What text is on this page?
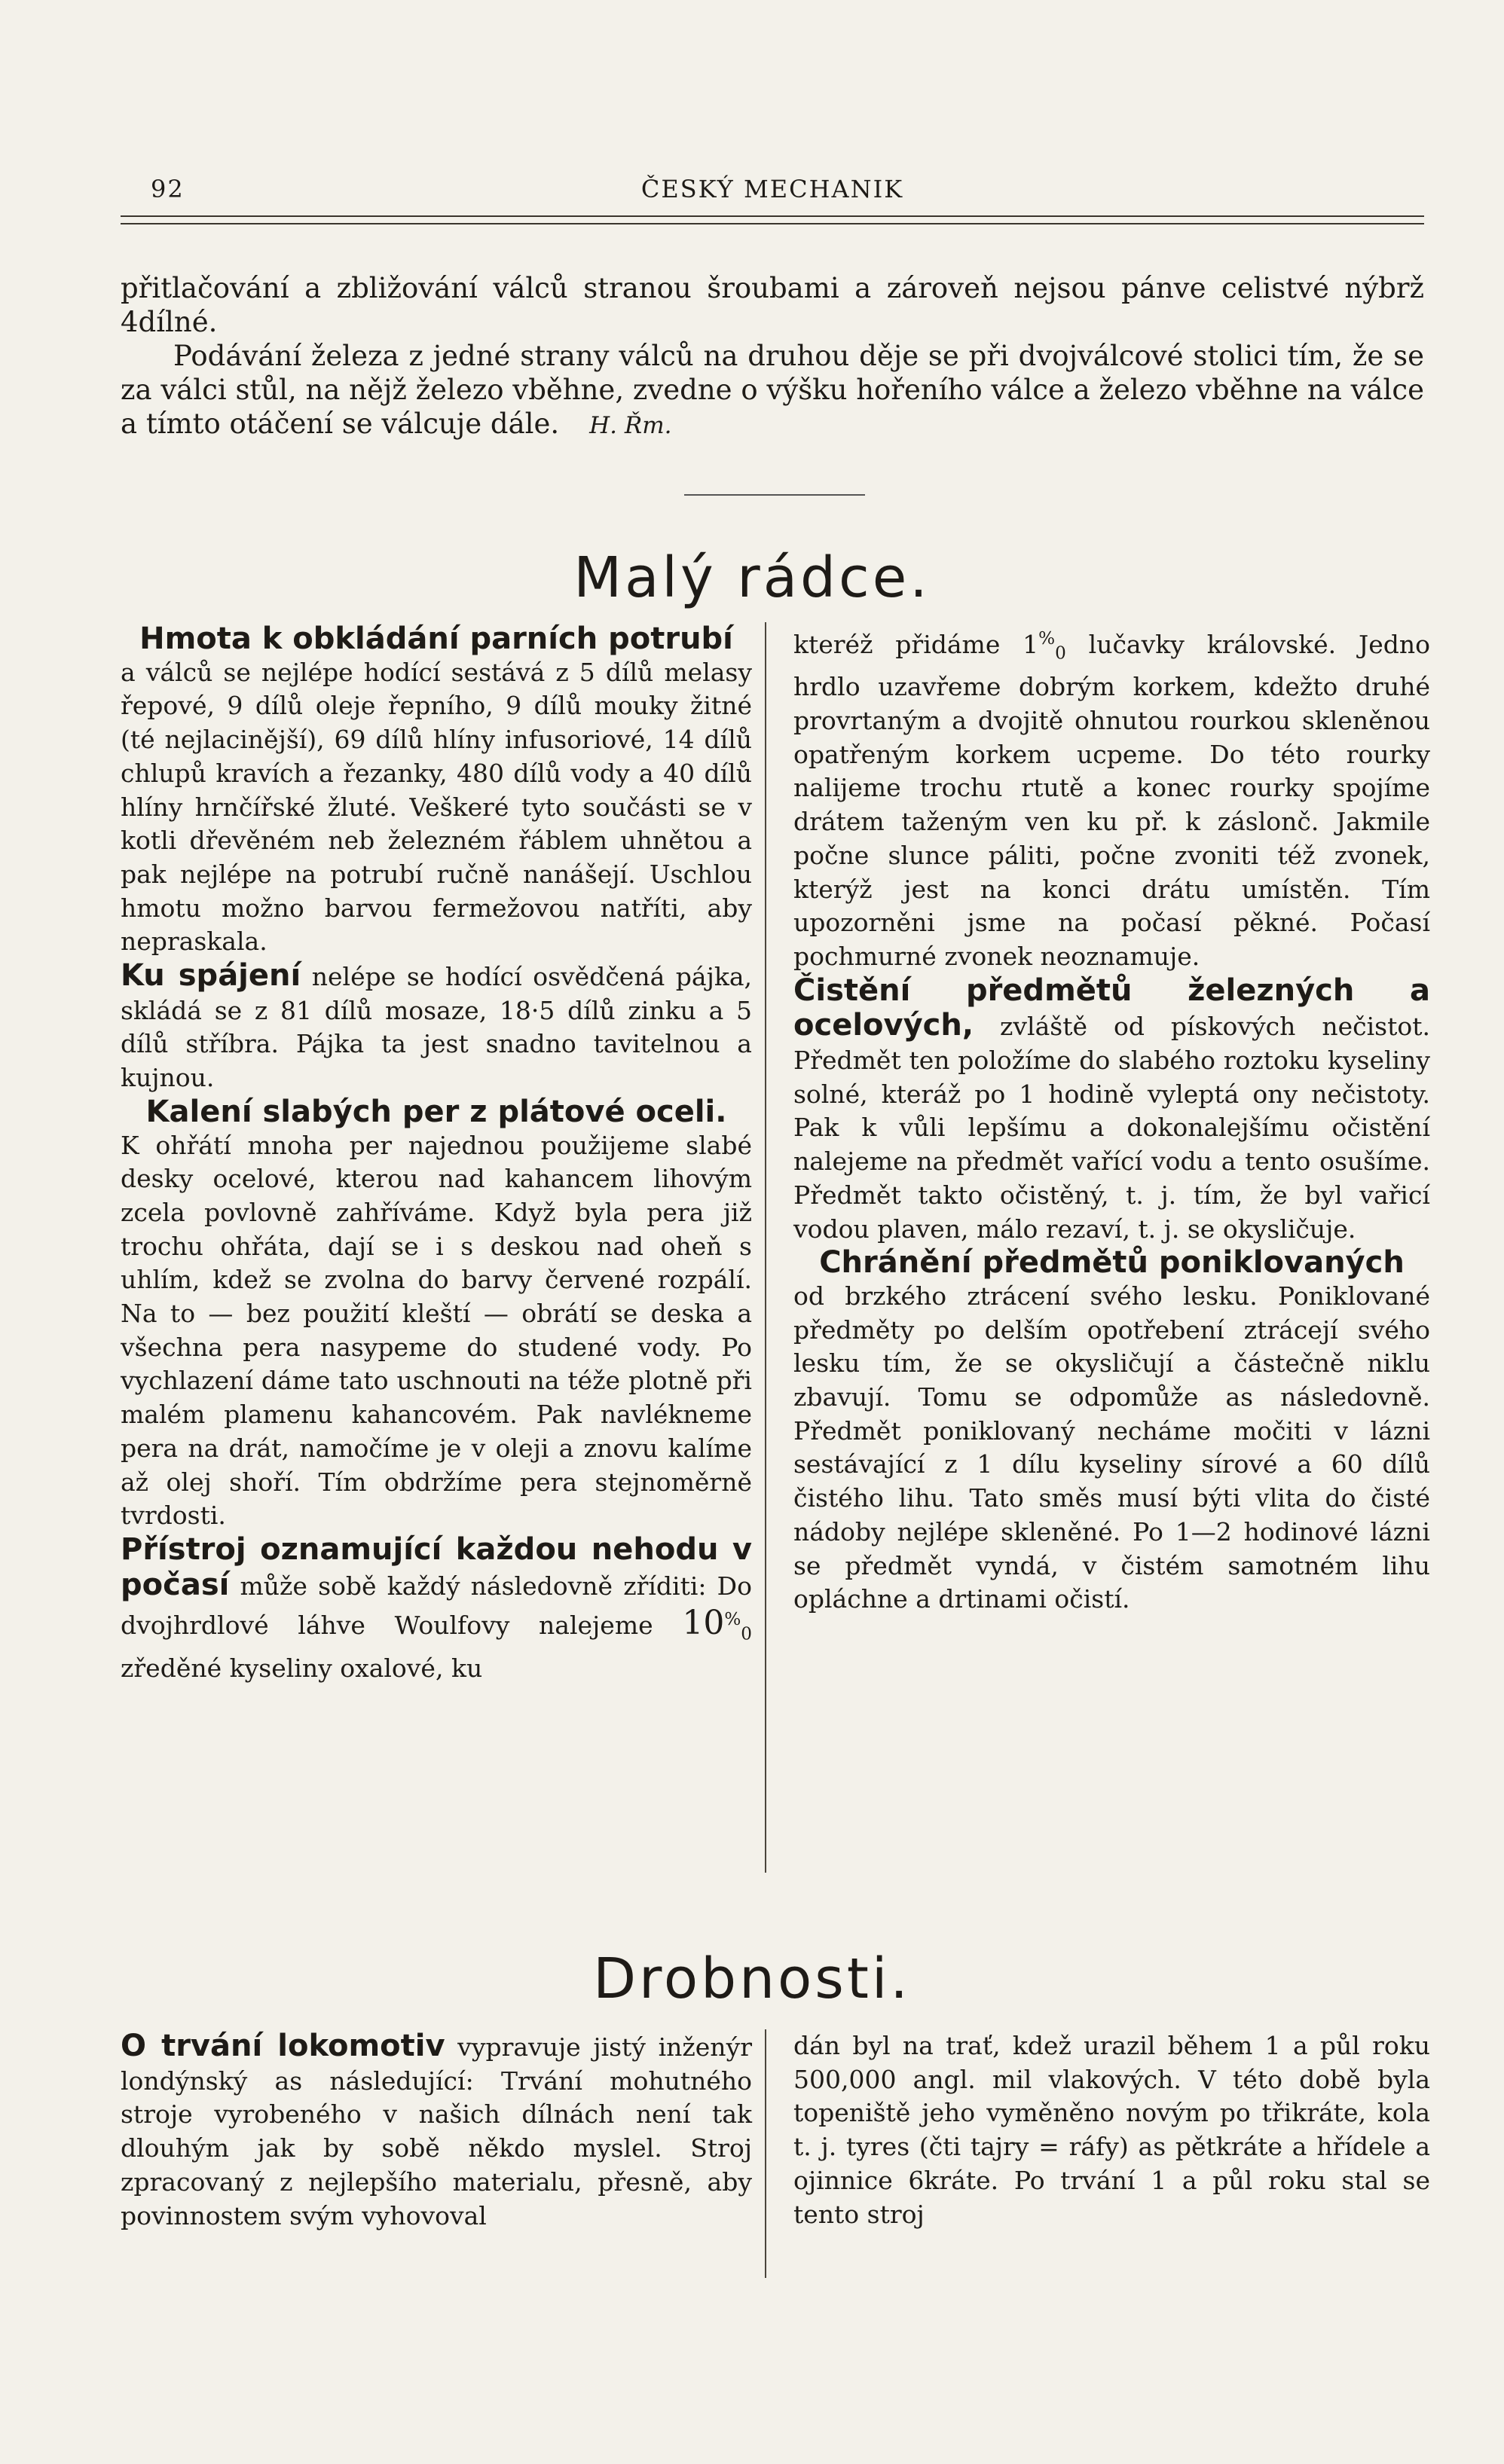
92	ČESKÝ MECHANIK

přitlačování a zbližování válců stranou šroubami a zároveň nejsou pánve celistvé nýbrž 4dílné.

Podávání železa z jedné strany válců na druhou děje se při dvojválcové stolici tím, že se za válci stůl, na nějž železo vběhne, zvedne o výšku hořeního válce a železo vběhne na válce a tímto otáčení se válcuje dále. H. Řm.

Malý rádce.

Hmota k obkládání parních potrubí
a válců se nejlépe hodící sestává z 5 dílů melasy řepové, 9 dílů oleje řepního, 9 dílů mouky žitné (té nejlacinější), 69 dílů hlíny infusoriové, 14 dílů chlupů kravích a řezanky, 480 dílů vody a 40 dílů hlíny hrnčířské žluté. Veškeré tyto součásti se v kotli dřevěném neb železném řáblem uhnětou a pak nejlépe na potrubí ručně nanášejí. Uschlou hmotu možno barvou fermežovou natříti, aby nepraskala.

Ku spájení nelépe se hodící osvědčená pájka, skládá se z 81 dílů mosaze, 18·5 dílů zinku a 5 dílů stříbra. Pájka ta jest snadno tavitelnou a kujnou.

Kalení slabých per z plátové oceli.
K ohřátí mnoha per najednou použijeme slabé desky ocelové, kterou nad kahancem lihovým zcela povlovně zahříváme. Když byla pera již trochu ohřáta, dají se i s deskou nad oheň s uhlím, kdež se zvolna do barvy červené rozpálí. Na to — bez použití kleští — obrátí se deska a všechna pera nasypeme do studené vody. Po vychlazení dáme tato uschnouti na téže plotně při malém plamenu kahancovém. Pak navlékneme pera na drát, namočíme je v oleji a znovu kalíme až olej shoří. Tím obdržíme pera stejnoměrně tvrdosti.

Přístroj oznamující každou nehodu v počasí může sobě každý následovně zříditi: Do dvojhrdlové láhve Woulfovy nalejeme $10^{\%}_0$ zředěné kyseliny oxalové, ku

kteréž přidáme $1^{\%}_0$ lučavky královské. Jedno hrdlo uzavřeme dobrým korkem, kdežto druhé provrtaným a dvojitě ohnutou rourkou skleněnou opatřeným korkem ucpeme. Do této rourky nalijeme trochu rtutě a konec rourky spojíme drátem taženým ven ku př. k záslonč. Jakmile počne slunce páliti, počne zvoniti též zvonek, kterýž jest na konci drátu umístěn. Tím upozorněni jsme na počasí pěkné. Počasí pochmurné zvonek neoznamuje.

Čistění předmětů železných a ocelových, zvláště od pískových nečistot. Předmět ten položíme do slabého roztoku kyseliny solné, kteráž po 1 hodině vyleptá ony nečistoty. Pak k vůli lepšímu a dokonalejšímu očistění nalejeme na předmět vařící vodu a tento osušíme. Předmět takto očistěný, t. j. tím, že byl vařicí vodou plaven, málo rezaví, t. j. se okysličuje.

Chránění předmětů poniklovaných
od brzkého ztrácení svého lesku. Poniklované předměty po delším opotřebení ztrácejí svého lesku tím, že se okysličují a částečně niklu zbavují. Tomu se odpomůže as následovně. Předmět poniklovaný necháme močiti v lázni sestávající z 1 dílu kyseliny sírové a 60 dílů čistého lihu. Tato směs musí býti vlita do čisté nádoby nejlépe skleněné. Po 1—2 hodinové lázni se předmět vyndá, v čistém samotném lihu opláchne a drtinami očistí.

Drobnosti.

O trvání lokomotiv vypravuje jistý inženýr londýnský as následující: Trvání mohutného stroje vyrobeného v našich dílnách není tak dlouhým jak by sobě někdo myslel. Stroj zpracovaný z nejlepšího materialu, přesně, aby povinnostem svým vyhovoval

dán byl na trať, kdež urazil během 1 a půl roku 500,000 angl. mil vlakových. V této době byla topeniště jeho vyměněno novým po třikráte, kola t. j. tyres (čti tajry = ráfy) as pětkráte a hřídele a ojinnice 6kráte. Po trvání 1 a půl roku stal se tento stroj
